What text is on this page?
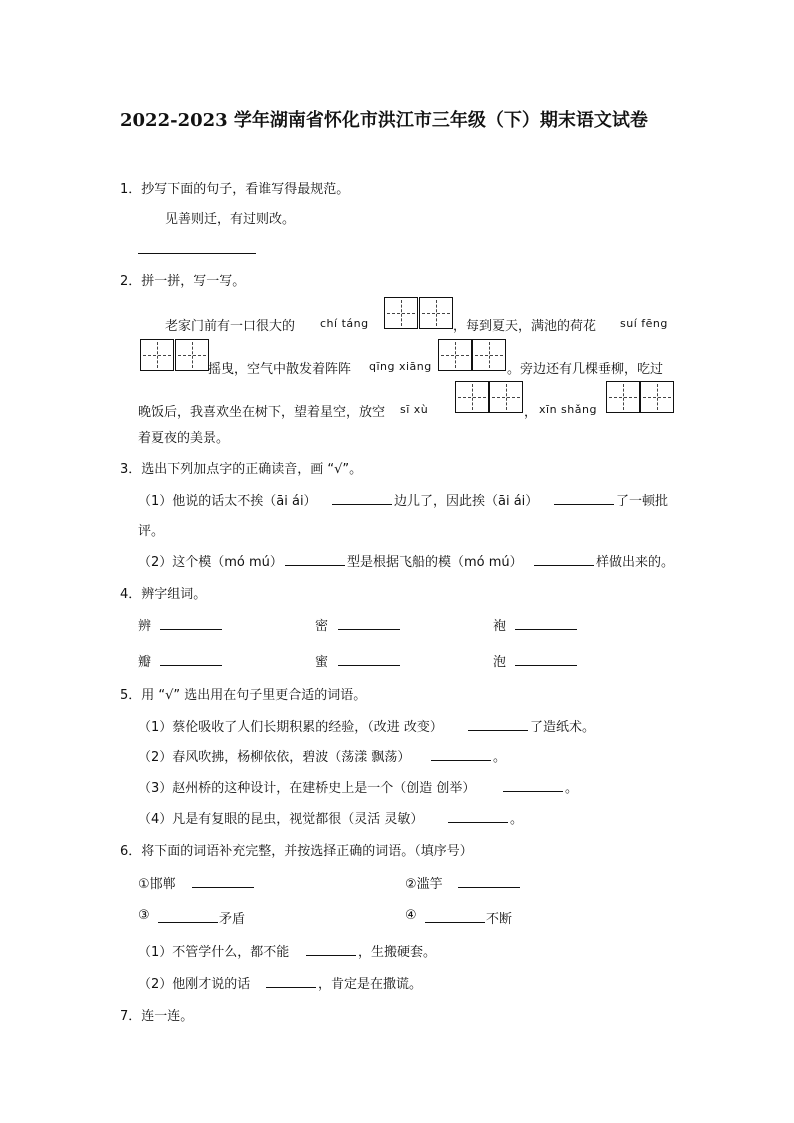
2022-2023 学年湖南省怀化市洪江市三年级（下）期末语文试卷
1．抄写下面的句子，看谁写得最规范。
见善则迁，有过则改。
2．拼一拼，写一写。
老家门前有一口很大的 chí táng	，每到夏天，满池的荷花 suí fēng
摇曳，空气中散发着阵阵 qīng xiāng	。旁边还有几棵垂柳，吃过
晚饭后，我喜欢坐在树下，望着星空，放空 sī xù	， xīn shǎng
着夏夜的美景。
3．选出下列加点字的正确读音，画 “√”。
（1）他说的话太不挨（āi ái）	边儿了，因此挨（āi ái）	了一顿批
评。
（2）这个模（mó mú）	型是根据飞船的模（mó mú）	样做出来的。
4．辨字组词。
辨	密	袍
瓣	蜜	泡
5．用 “√” 选出用在句子里更合适的词语。
（1）蔡伦吸收了人们长期积累的经验，（改进 改变）	了造纸术。
（2）春风吹拂，杨柳依依，碧波（荡漾 飘荡）	。
（3）赵州桥的这种设计，在建桥史上是一个（创造 创举）	。
（4）凡是有复眼的昆虫，视觉都很（灵活 灵敏）	。
6．将下面的词语补充完整，并按选择正确的词语。（填序号）
①邯郸	②滥竽
③	矛盾	④	不断
（1）不管学什么，都不能	，生搬硬套。
（2）他刚才说的话	，肯定是在撒谎。
7．连一连。
